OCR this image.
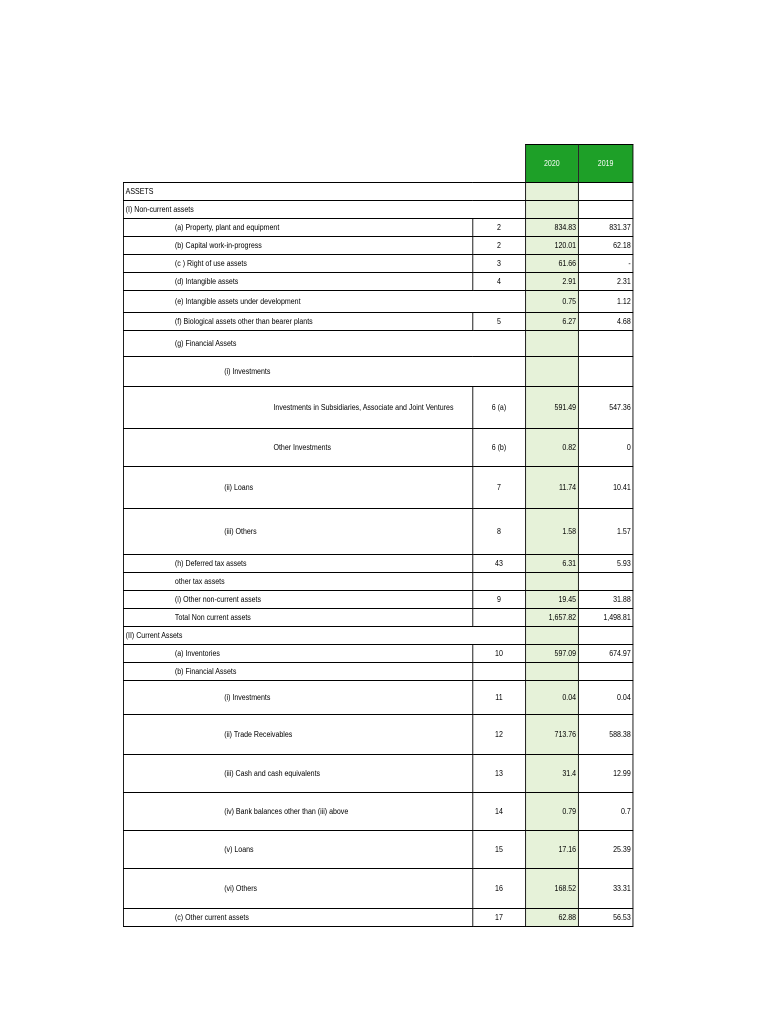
		2020	2019
ASSETS			
(I) Non-current assets			
(a) Property, plant and equipment	2	834.83	831.37
(b) Capital work-in-progress	2	120.01	62.18
(c ) Right of use assets	3	61.66	-
(d) Intangible assets	4	2.91	2.31
(e) Intangible assets under development		0.75	1.12
(f) Biological assets other than bearer plants	5	6.27	4.68
(g) Financial Assets			
(i) Investments			
Investments in Subsidiaries, Associate and Joint Ventures	6 (a)	591.49	547.36
Other Investments	6 (b)	0.82	0
(ii) Loans	7	11.74	10.41
(iii) Others	8	1.58	1.57
(h) Deferred tax assets	43	6.31	5.93
other tax assets			
(i) Other non-current assets	9	19.45	31.88
Total Non current assets		1,657.82	1,498.81
(II) Current Assets			
(a) Inventories	10	597.09	674.97
(b) Financial Assets			
(i) Investments	11	0.04	0.04
(ii) Trade Receivables	12	713.76	588.38
(iii) Cash and cash equivalents	13	31.4	12.99
(iv) Bank balances other than (iii) above	14	0.79	0.7
(v) Loans	15	17.16	25.39
(vi) Others	16	168.52	33.31
(c) Other current assets	17	62.88	56.53
